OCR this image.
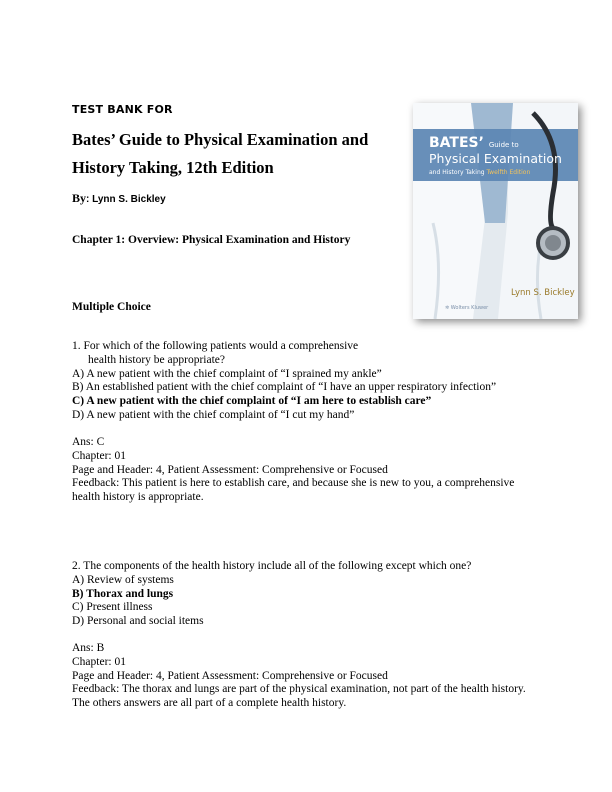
TEST BANK FOR
Bates’ Guide to Physical Examination and
History Taking, 12th Edition
By: Lynn S. Bickley
BATES’ Guide to
Physical Examination
and History Taking Twelfth Edition
Lynn S. Bickley
✲ Wolters Kluwer
Chapter 1: Overview: Physical Examination and History
Multiple Choice
1. For which of the following patients would a comprehensive
health history be appropriate?
A) A new patient with the chief complaint of “I sprained my ankle”
B) An established patient with the chief complaint of “I have an upper respiratory infection”
C) A new patient with the chief complaint of “I am here to establish care”
D) A new patient with the chief complaint of “I cut my hand”
Ans: C
Chapter: 01
Page and Header: 4, Patient Assessment: Comprehensive or Focused
Feedback: This patient is here to establish care, and because she is new to you, a comprehensive health history is appropriate.
2. The components of the health history include all of the following except which one?
A) Review of systems
B) Thorax and lungs
C) Present illness
D) Personal and social items
Ans: B
Chapter: 01
Page and Header: 4, Patient Assessment: Comprehensive or Focused
Feedback: The thorax and lungs are part of the physical examination, not part of the health history. The others answers are all part of a complete health history.
